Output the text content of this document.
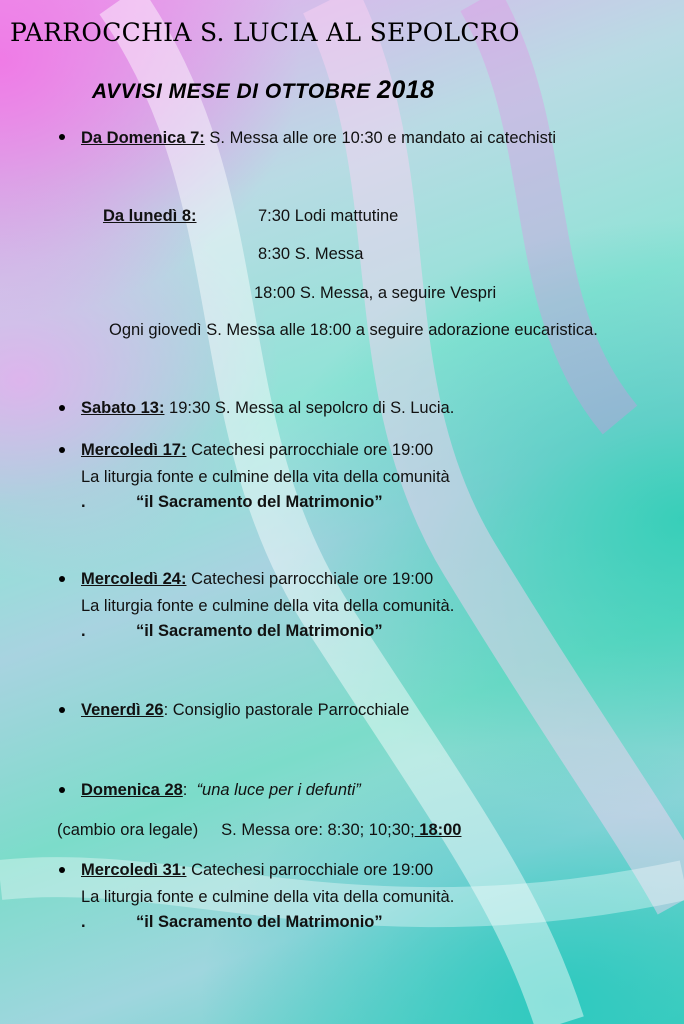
PARROCCHIA S. LUCIA AL SEPOLCRO
AVVISI MESE DI OTTOBRE 2018
Da Domenica 7: S. Messa alle ore 10:30 e mandato ai catechisti
Da lunedì 8:	7:30 Lodi mattutine
8:30 S. Messa
18:00 S. Messa, a seguire Vespri
Ogni giovedì S. Messa alle 18:00 a seguire adorazione eucaristica.
Sabato 13: 19:30 S. Messa al sepolcro di S. Lucia.
Mercoledì 17: Catechesi parrocchiale ore 19:00
La liturgia fonte e culmine della vita della comunità
.	“il Sacramento del Matrimonio”
Mercoledì 24: Catechesi parrocchiale ore 19:00
La liturgia fonte e culmine della vita della comunità.
.	“il Sacramento del Matrimonio”
Venerdì 26: Consiglio pastorale Parrocchiale
Domenica 28:  “una luce per i defunti”
(cambio ora legale)     S. Messa ore: 8:30; 10;30; 18:00
Mercoledì 31: Catechesi parrocchiale ore 19:00
La liturgia fonte e culmine della vita della comunità.
.	“il Sacramento del Matrimonio”
